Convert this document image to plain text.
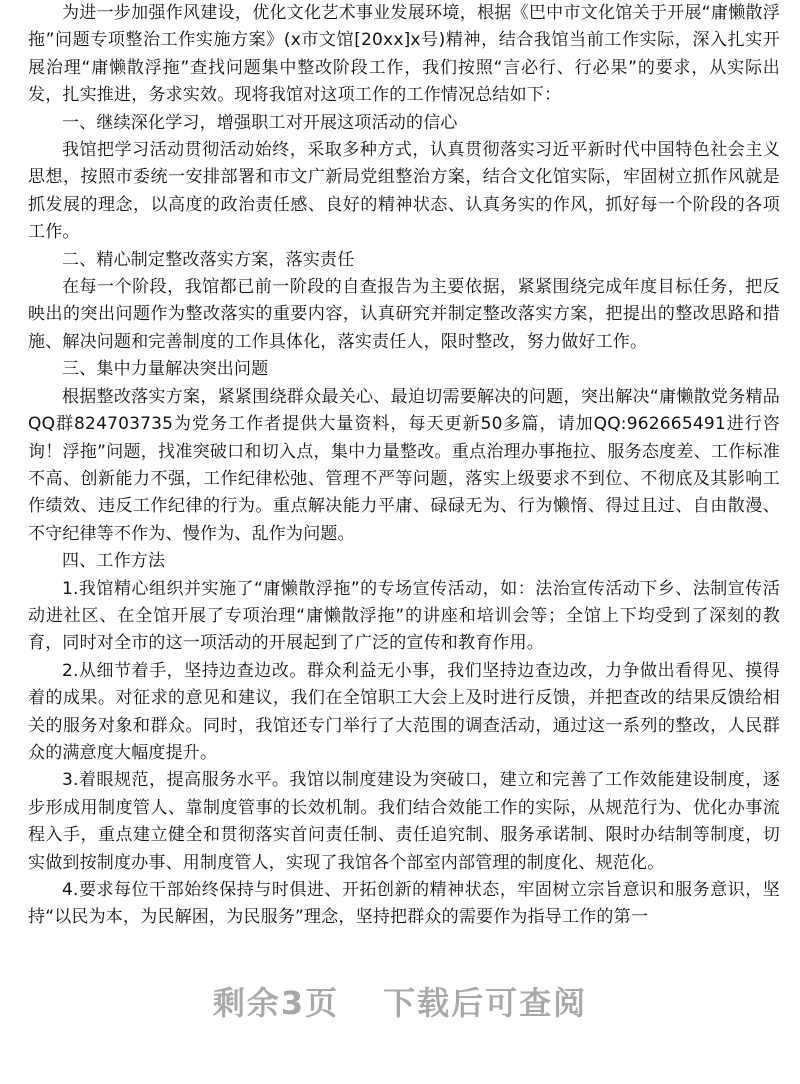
为进一步加强作风建设，优化文化艺术事业发展环境，根据《巴中市文化馆关于开展“庸懒散浮拖”问题专项整治工作实施方案》(x市文馆[20xx]x号)精神，结合我馆当前工作实际，深入扎实开展治理“庸懒散浮拖”查找问题集中整改阶段工作，我们按照“言必行、行必果”的要求，从实际出发，扎实推进，务求实效。现将我馆对这项工作的工作情况总结如下：

一、继续深化学习，增强职工对开展这项活动的信心

我馆把学习活动贯彻活动始终，采取多种方式，认真贯彻落实习近平新时代中国特色社会主义思想，按照市委统一安排部署和市文广新局党组整治方案，结合文化馆实际，牢固树立抓作风就是抓发展的理念，以高度的政治责任感、良好的精神状态、认真务实的作风，抓好每一个阶段的各项工作。

二、精心制定整改落实方案，落实责任

在每一个阶段，我馆都已前一阶段的自查报告为主要依据，紧紧围绕完成年度目标任务，把反映出的突出问题作为整改落实的重要内容，认真研究并制定整改落实方案，把提出的整改思路和措施、解决问题和完善制度的工作具体化，落实责任人，限时整改，努力做好工作。

三、集中力量解决突出问题

根据整改落实方案，紧紧围绕群众最关心、最迫切需要解决的问题，突出解决“庸懒散党务精品QQ群824703735为党务工作者提供大量资料，每天更新50多篇，请加QQ:962665491进行咨询！浮拖”问题，找准突破口和切入点，集中力量整改。重点治理办事拖拉、服务态度差、工作标准不高、创新能力不强，工作纪律松弛、管理不严等问题，落实上级要求不到位、不彻底及其影响工作绩效、违反工作纪律的行为。重点解决能力平庸、碌碌无为、行为懒惰、得过且过、自由散漫、不守纪律等不作为、慢作为、乱作为问题。

四、工作方法

1.我馆精心组织并实施了“庸懒散浮拖”的专场宣传活动，如：法治宣传活动下乡、法制宣传活动进社区、在全馆开展了专项治理“庸懒散浮拖”的讲座和培训会等；全馆上下均受到了深刻的教育，同时对全市的这一项活动的开展起到了广泛的宣传和教育作用。

2.从细节着手，坚持边查边改。群众利益无小事，我们坚持边查边改，力争做出看得见、摸得着的成果。对征求的意见和建议，我们在全馆职工大会上及时进行反馈，并把查改的结果反馈给相关的服务对象和群众。同时，我馆还专门举行了大范围的调查活动，通过这一系列的整改，人民群众的满意度大幅度提升。

3.着眼规范，提高服务水平。我馆以制度建设为突破口，建立和完善了工作效能建设制度，逐步形成用制度管人、靠制度管事的长效机制。我们结合效能工作的实际，从规范行为、优化办事流程入手，重点建立健全和贯彻落实首问责任制、责任追究制、服务承诺制、限时办结制等制度，切实做到按制度办事、用制度管人，实现了我馆各个部室内部管理的制度化、规范化。

4.要求每位干部始终保持与时俱进、开拓创新的精神状态，牢固树立宗旨意识和服务意识，坚持“以民为本，为民解困，为民服务”理念，坚持把群众的需要作为指导工作的第一

剩余3页 下载后可查阅
